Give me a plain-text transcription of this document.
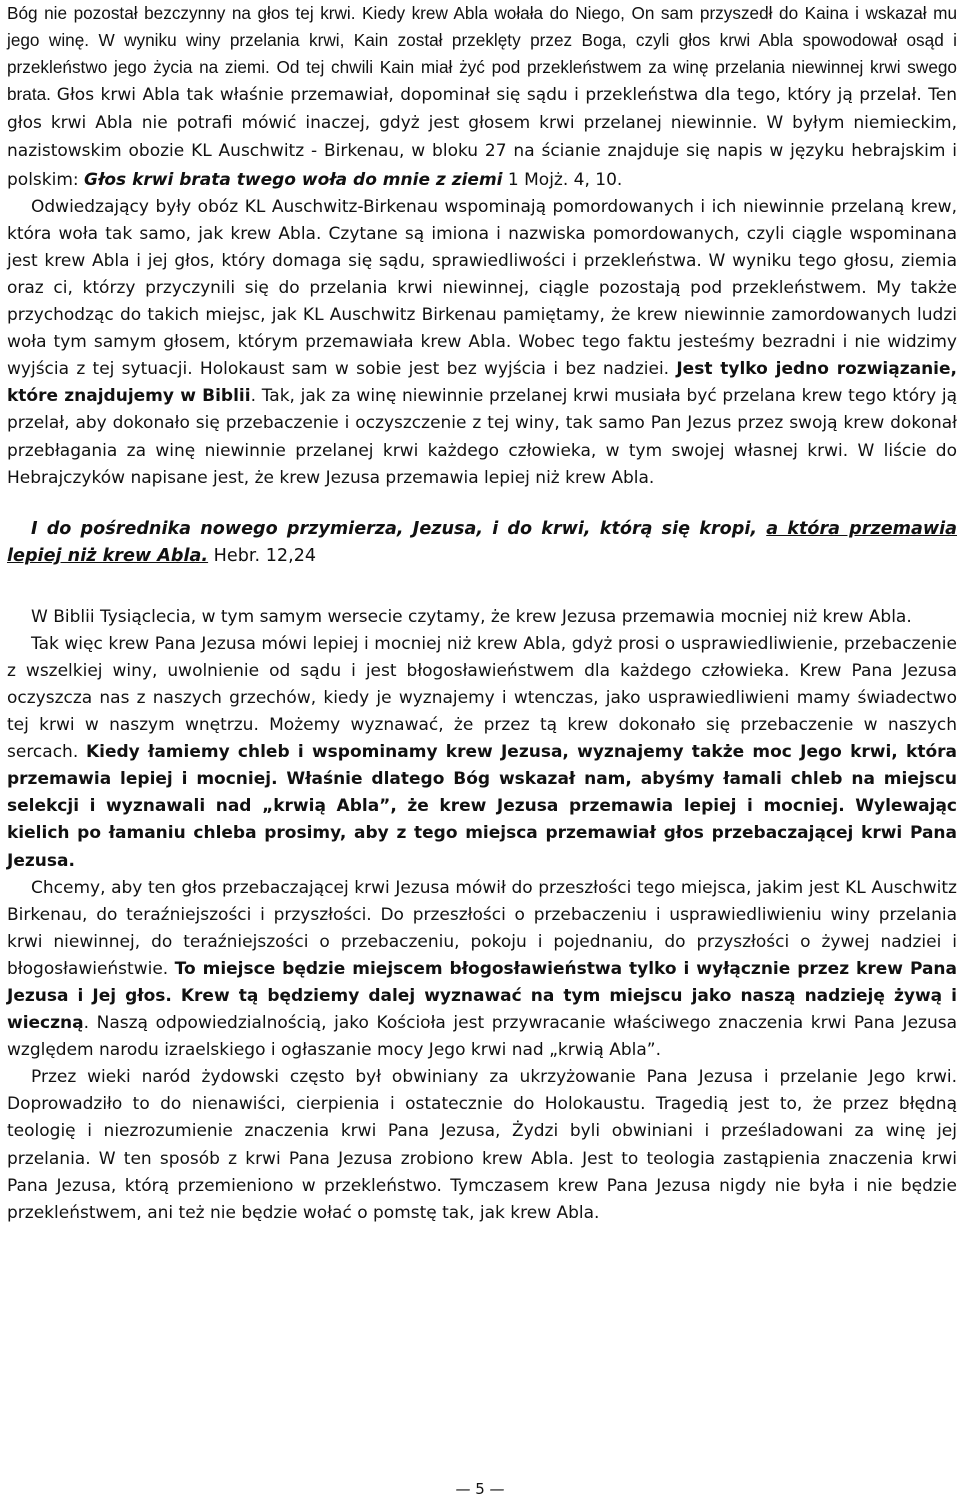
Bóg nie pozostał bezczynny na głos tej krwi. Kiedy krew Abla wołała do Niego, On sam przyszedł do Kaina i wskazał mu jego winę. W wyniku winy przelania krwi, Kain został przeklęty przez Boga, czyli głos krwi Abla spowodował osąd i przekleństwo jego życia na ziemi. Od tej chwili Kain miał żyć pod przekleństwem za winę przelania niewinnej krwi swego brata. Głos krwi Abla tak właśnie przemawiał, dopominał się sądu i przekleństwa dla tego, który ją przelał. Ten głos krwi Abla nie potrafi mówić inaczej, gdyż jest głosem krwi przelanej niewinnie. W byłym niemieckim, nazistowskim obozie KL Auschwitz - Birkenau, w bloku 27 na ścianie znajduje się napis w języku hebrajskim i polskim: Głos krwi brata twego woła do mnie z ziemi 1 Mojż. 4, 10.

Odwiedzający były obóz KL Auschwitz-Birkenau wspominają pomordowanych i ich niewinnie przelaną krew, która woła tak samo, jak krew Abla. Czytane są imiona i nazwiska pomordowanych, czyli ciągle wspominana jest krew Abla i jej głos, który domaga się sądu, sprawiedliwości i przekleństwa. W wyniku tego głosu, ziemia oraz ci, którzy przyczynili się do przelania krwi niewinnej, ciągle pozostają pod przekleństwem. My także przychodząc do takich miejsc, jak KL Auschwitz Birkenau pamiętamy, że krew niewinnie zamordowanych ludzi woła tym samym głosem, którym przemawiała krew Abla. Wobec tego faktu jesteśmy bezradni i nie widzimy wyjścia z tej sytuacji. Holokaust sam w sobie jest bez wyjścia i bez nadziei. Jest tylko jedno rozwiązanie, które znajdujemy w Biblii. Tak, jak za winę niewinnie przelanej krwi musiała być przelana krew tego który ją przelał, aby dokonało się przebaczenie i oczyszczenie z tej winy, tak samo Pan Jezus przez swoją krew dokonał przebłagania za winę niewinnie przelanej krwi każdego człowieka, w tym swojej własnej krwi. W liście do Hebrajczyków napisane jest, że krew Jezusa przemawia lepiej niż krew Abla.

I do pośrednika nowego przymierza, Jezusa, i do krwi, którą się kropi, a która przemawia lepiej niż krew Abla. Hebr. 12,24

W Biblii Tysiąclecia, w tym samym wersecie czytamy, że krew Jezusa przemawia mocniej niż krew Abla.

Tak więc krew Pana Jezusa mówi lepiej i mocniej niż krew Abla, gdyż prosi o usprawiedliwienie, przebaczenie z wszelkiej winy, uwolnienie od sądu i jest błogosławieństwem dla każdego człowieka. Krew Pana Jezusa oczyszcza nas z naszych grzechów, kiedy je wyznajemy i wtenczas, jako usprawiedliwieni mamy świadectwo tej krwi w naszym wnętrzu. Możemy wyznawać, że przez tą krew dokonało się przebaczenie w naszych sercach. Kiedy łamiemy chleb i wspominamy krew Jezusa, wyznajemy także moc Jego krwi, która przemawia lepiej i mocniej. Właśnie dlatego Bóg wskazał nam, abyśmy łamali chleb na miejscu selekcji i wyznawali nad „krwią Abla”, że krew Jezusa przemawia lepiej i mocniej. Wylewając kielich po łamaniu chleba prosimy, aby z tego miejsca przemawiał głos przebaczającej krwi Pana Jezusa.

Chcemy, aby ten głos przebaczającej krwi Jezusa mówił do przeszłości tego miejsca, jakim jest KL Auschwitz Birkenau, do teraźniejszości i przyszłości. Do przeszłości o przebaczeniu i usprawiedliwieniu winy przelania krwi niewinnej, do teraźniejszości o przebaczeniu, pokoju i pojednaniu, do przyszłości o żywej nadziei i błogosławieństwie. To miejsce będzie miejscem błogosławieństwa tylko i wyłącznie przez krew Pana Jezusa i Jej głos. Krew tą będziemy dalej wyznawać na tym miejscu jako naszą nadzieję żywą i wieczną. Naszą odpowiedzialnością, jako Kościoła jest przywracanie właściwego znaczenia krwi Pana Jezusa względem narodu izraelskiego i ogłaszanie mocy Jego krwi nad „krwią Abla”.

Przez wieki naród żydowski często był obwiniany za ukrzyżowanie Pana Jezusa i przelanie Jego krwi. Doprowadziło to do nienawiści, cierpienia i ostatecznie do Holokaustu. Tragedią jest to, że przez błędną teologię i niezrozumienie znaczenia krwi Pana Jezusa, Żydzi byli obwiniani i prześladowani za winę jej przelania. W ten sposób z krwi Pana Jezusa zrobiono krew Abla. Jest to teologia zastąpienia znaczenia krwi Pana Jezusa, którą przemieniono w przekleństwo. Tymczasem krew Pana Jezusa nigdy nie była i nie będzie przekleństwem, ani też nie będzie wołać o pomstę tak, jak krew Abla.

— 5 —
